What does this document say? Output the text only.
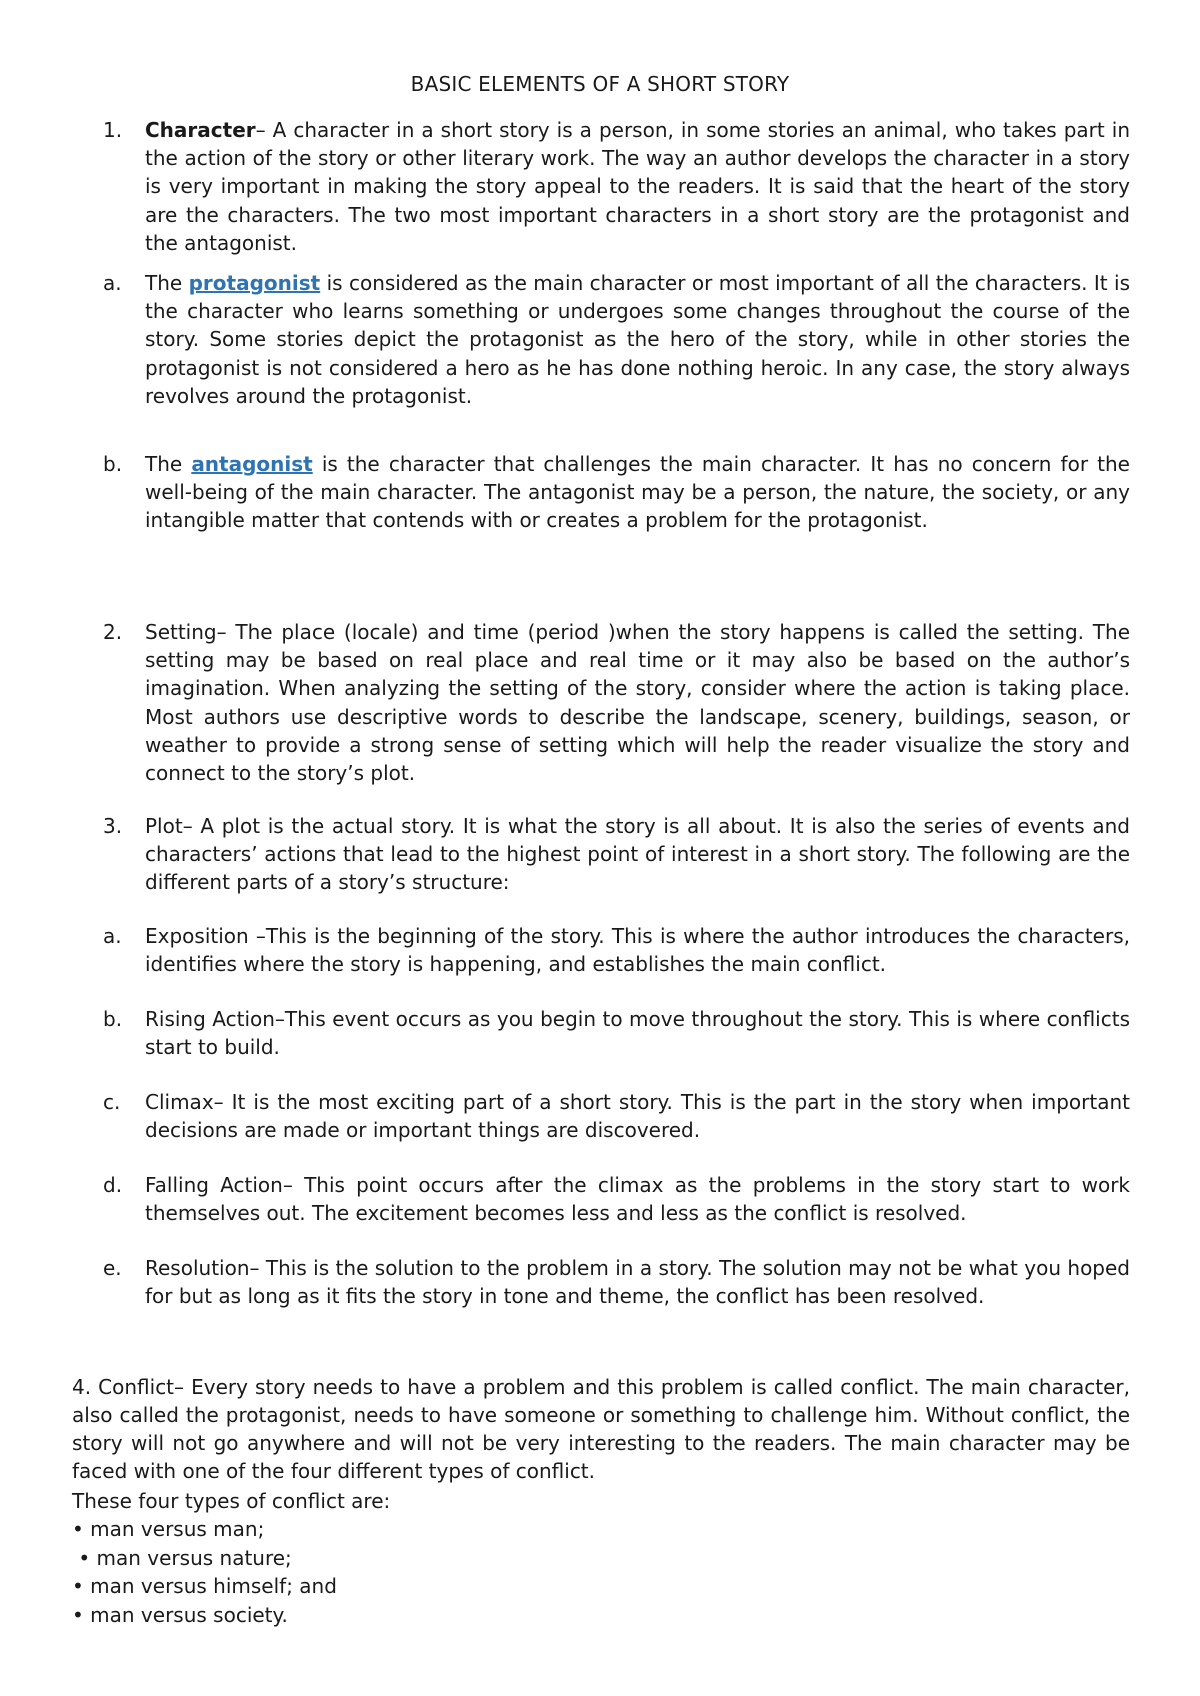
BASIC ELEMENTS OF A SHORT STORY
1.	Character– A character in a short story is a person, in some stories an animal, who takes part in the action of the story or other literary work. The way an author develops the character in a story is very important in making the story appeal to the readers. It is said that the heart of the story are the characters. The two most important characters in a short story are the protagonist and the antagonist.
a.	The protagonist is considered as the main character or most important of all the characters. It is the character who learns something or undergoes some changes throughout the course of the story. Some stories depict the protagonist as the hero of the story, while in other stories the protagonist is not considered a hero as he has done nothing heroic. In any case, the story always revolves around the protagonist.
b.	The antagonist is the character that challenges the main character. It has no concern for the well-being of the main character. The antagonist may be a person, the nature, the society, or any intangible matter that contends with or creates a problem for the protagonist.
2.	Setting– The place (locale) and time (period )when the story happens is called the setting. The setting may be based on real place and real time or it may also be based on the author’s imagination. When analyzing the setting of the story, consider where the action is taking place. Most authors use descriptive words to describe the landscape, scenery, buildings, season, or weather to provide a strong sense of setting which will help the reader visualize the story and connect to the story’s plot.
3.	Plot– A plot is the actual story. It is what the story is all about. It is also the series of events and characters’ actions that lead to the highest point of interest in a short story. The following are the different parts of a story’s structure:
a.	Exposition –This is the beginning of the story. This is where the author introduces the characters, identifies where the story is happening, and establishes the main conflict.
b.	Rising Action–This event occurs as you begin to move throughout the story. This is where conflicts start to build.
c.	Climax– It is the most exciting part of a short story. This is the part in the story when important decisions are made or important things are discovered.
d.	Falling Action– This point occurs after the climax as the problems in the story start to work themselves out. The excitement becomes less and less as the conflict is resolved.
e.	Resolution– This is the solution to the problem in a story. The solution may not be what you hoped for but as long as it fits the story in tone and theme, the conflict has been resolved.
4. Conflict– Every story needs to have a problem and this problem is called conflict. The main character, also called the protagonist, needs to have someone or something to challenge him. Without conflict, the story will not go anywhere and will not be very interesting to the readers. The main character may be faced with one of the four different types of conflict.
These four types of conflict are:
• man versus man;
• man versus nature;
• man versus himself; and
• man versus society.
